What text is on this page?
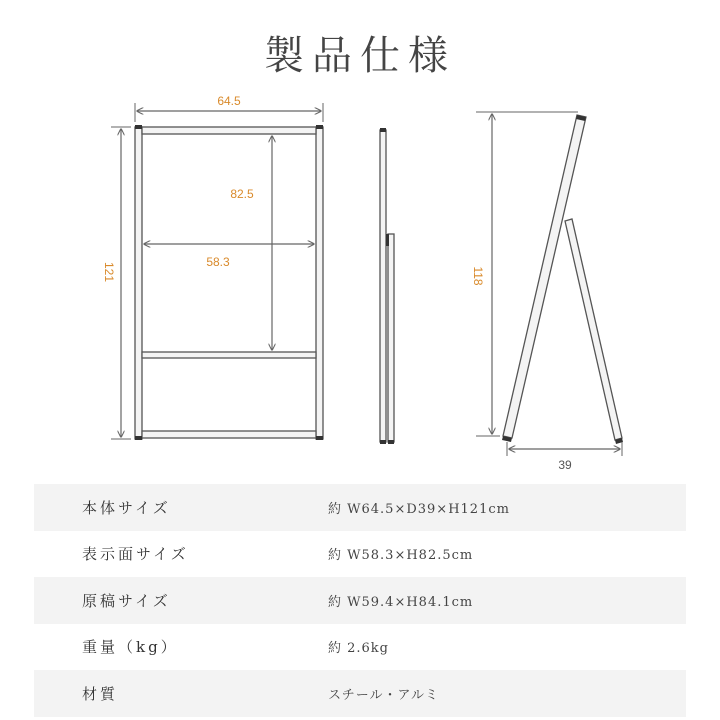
製品仕様
64.5
121
82.5
58.3
118
39
本体サイズ	約 W64.5×D39×H121cm
表示面サイズ	約 W58.3×H82.5cm
原稿サイズ	約 W59.4×H84.1cm
重量（kg）	約 2.6kg
材質	スチール・アルミ
